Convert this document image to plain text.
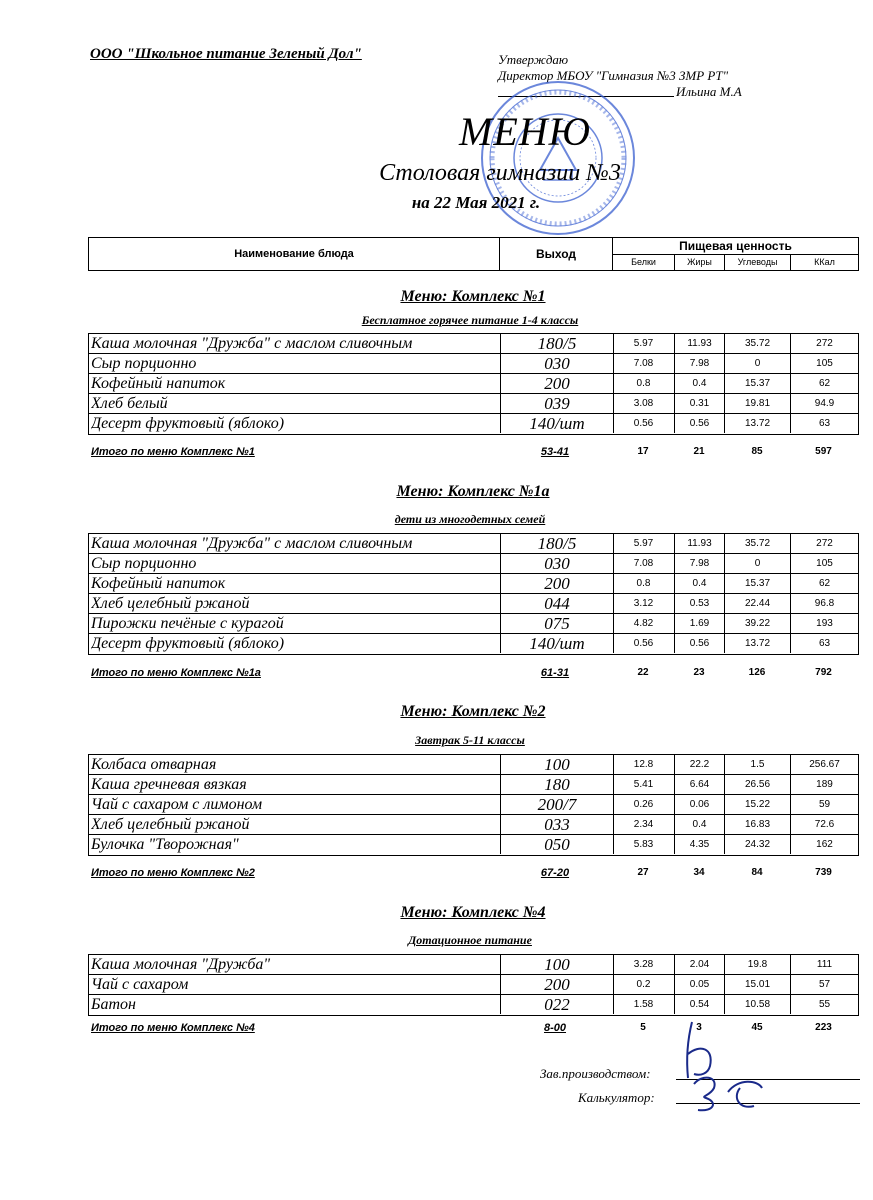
ООО "Школьное питание Зеленый Дол"	Утверждаю
Директор МБОУ "Гимназия №3 ЗМР РТ"
Ильина М.А
МЕНЮ
Столовая гимназии №3
на 22 Мая 2021 г.
Наименование блюда	Выход
Пищевая ценность
Белки	Жиры	Углеводы	ККал
Меню: Комплекс №1
Бесплатное горячее питание 1-4 классы
Каша молочная "Дружба" с маслом сливочным	180/5	5.97	11.93	35.72	272
Сыр порционно	030	7.08	7.98	0	105
Кофейный напиток	200	0.8	0.4	15.37	62
Хлеб белый	039	3.08	0.31	19.81	94.9
Десерт фруктовый (яблоко)	140/шт	0.56	0.56	13.72	63
Итого по меню Комплекс №1	53-41	17	21	85	597
Меню: Комплекс №1а
дети из многодетных семей
Каша молочная "Дружба" с маслом сливочным	180/5	5.97	11.93	35.72	272
Сыр порционно	030	7.08	7.98	0	105
Кофейный напиток	200	0.8	0.4	15.37	62
Хлеб целебный ржаной	044	3.12	0.53	22.44	96.8
Пирожки печёные с курагой	075	4.82	1.69	39.22	193
Десерт фруктовый (яблоко)	140/шт	0.56	0.56	13.72	63
Итого по меню Комплекс №1а	61-31	22	23	126	792
Меню: Комплекс №2
Завтрак 5-11 классы
Колбаса отварная	100	12.8	22.2	1.5	256.67
Каша гречневая вязкая	180	5.41	6.64	26.56	189
Чай с сахаром с лимоном	200/7	0.26	0.06	15.22	59
Хлеб целебный ржаной	033	2.34	0.4	16.83	72.6
Булочка "Творожная"	050	5.83	4.35	24.32	162
Итого по меню Комплекс №2	67-20	27	34	84	739
Меню: Комплекс №4
Дотационное питание
Каша молочная "Дружба"	100	3.28	2.04	19.8	111
Чай с сахаром	200	0.2	0.05	15.01	57
Батон	022	1.58	0.54	10.58	55
Итого по меню Комплекс №4	8-00	5	3	45	223
Зав.производством:
Калькулятор:
